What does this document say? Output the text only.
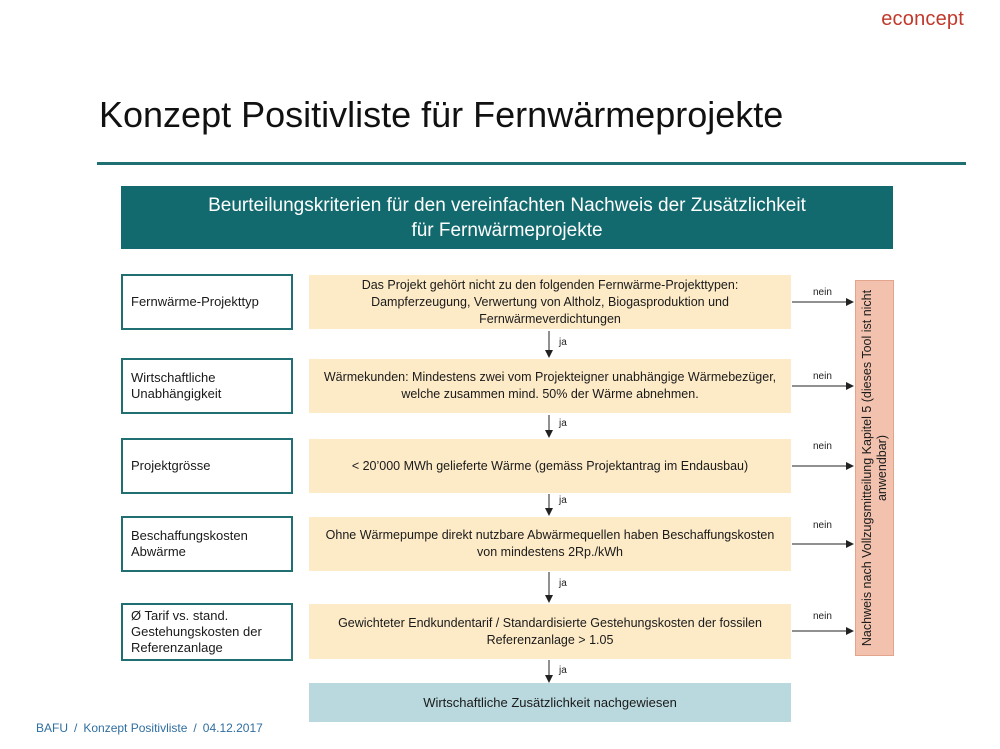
econcept
Konzept Positivliste für Fernwärmeprojekte
Beurteilungskriterien für den vereinfachten Nachweis der Zusätzlichkeit
für Fernwärmeprojekte
Fernwärme-Projekttyp
Das Projekt gehört nicht zu den folgenden Fernwärme-Projekttypen: Dampferzeugung, Verwertung von Altholz, Biogasproduktion und Fernwärmeverdichtungen
Wirtschaftliche Unabhängigkeit
Wärmekunden: Mindestens zwei vom Projekteigner unabhängige Wärmebezüger, welche zusammen mind. 50% der Wärme abnehmen.
Projektgrösse	< 20’000 MWh gelieferte Wärme (gemäss Projektantrag im Endausbau)
Beschaffungskosten Abwärme
Ohne Wärmepumpe direkt nutzbare Abwärmequellen haben Beschaffungskosten von mindestens 2Rp./kWh
Ø Tarif vs. stand. Gestehungskosten der Referenzanlage
Gewichteter Endkundentarif / Standardisierte Gestehungskosten der fossilen Referenzanlage > 1.05
Wirtschaftliche Zusätzlichkeit nachgewiesen
Nachweis nach Vollzugsmitteilung Kapitel 5 (dieses Tool ist nicht anwendbar)
ja
ja
ja
ja
ja
nein
nein
nein
nein
nein
BAFU / Konzept Positivliste / 04.12.2017
